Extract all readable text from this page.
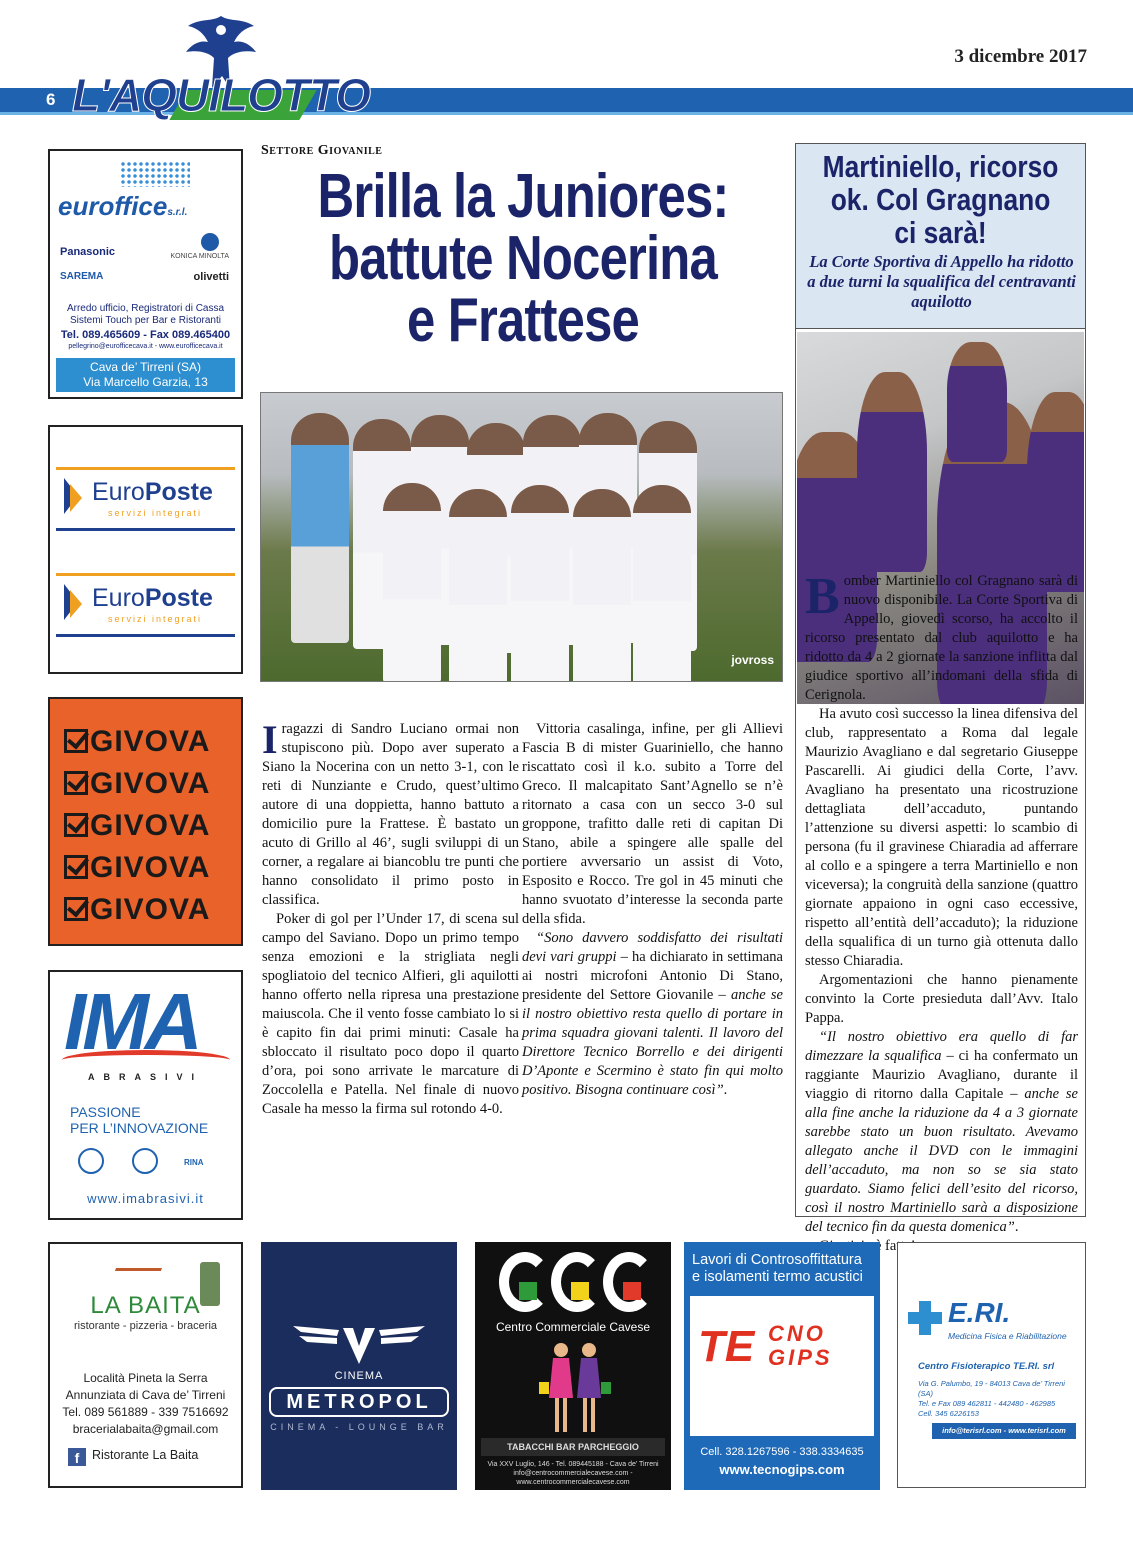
L'AQUILOTTO
6
3 dicembre 2017
euroffices.r.l.
Panasonic
SAREMA
KONICA MINOLTA
olivetti
Arredo ufficio, Registratori di Cassa
Sistemi Touch per Bar e Ristoranti
Tel. 089.465609 - Fax 089.465400
pellegrino@eurofficecava.it - www.eurofficecava.it
Cava de’ Tirreni (SA)
Via Marcello Garzia, 13
EuroPoste
servizi integrati
EuroPoste
servizi integrati
GIVOVA
GIVOVA
GIVOVA
GIVOVA
GIVOVA
IMA
ABRASIVI
PASSIONE
PER L’INNOVAZIONE
RINA
www.imabrasivi.it
Settore Giovanile
Brilla la Juniores:
battute Nocerina
e Frattese
jovross

Iragazzi di Sandro Luciano ormai non stupiscono più. Dopo aver superato a Siano la Nocerina con un netto 3-1, con le reti di Nunziante e Crudo, quest’ultimo autore di una doppietta, hanno battuto a domicilio pure la Frattese. È bastato un acuto di Grillo al 46’, sugli sviluppi di un corner, a regalare ai biancoblu tre punti che hanno consolidato il primo posto in classifica.

Poker di gol per l’Under 17, di scena sul campo del Saviano. Dopo un primo tempo senza emozioni e la strigliata negli spogliatoio del tecnico Alfieri, gli aquilotti hanno offerto nella ripresa una prestazione maiuscola. Che il vento fosse cambiato lo si è capito fin dai primi minuti: Casale ha sbloccato il risultato poco dopo il quarto d’ora, poi sono arrivate le marcature di Zoccolella e Patella. Nel finale di nuovo Casale ha messo la firma sul rotondo 4-0.

Vittoria casalinga, infine, per gli Allievi Fascia B di mister Guariniello, che hanno riscattato così il k.o. subito a Torre del Greco. Il malcapitato Sant’Agnello se n’è ritornato a casa con un secco 3-0 sul groppone, trafitto dalle reti di capitan Di Stano, abile a spingere alle spalle del portiere avversario un assist di Voto, Esposito e Rocco. Tre gol in 45 minuti che hanno svuotato d’interesse la seconda parte della sfida.

“Sono davvero soddisfatto dei risultati devi vari gruppi – ha dichiarato in settimana ai nostri microfoni Antonio Di Stano, presidente del Settore Giovanile – anche se il nostro obiettivo resta quello di portare in prima squadra giovani talenti. Il lavoro del Direttore Tecnico Borrello e dei dirigenti D’Aponte e Scermino è stato fin qui molto positivo. Bisogna continuare così”.

Martiniello, ricorso
ok. Col Gragnano
ci sarà!
La Corte Sportiva di Appello ha ridotto a due turni la squalifica del centravanti aquilotto

Bomber Martiniello col Gragnano sarà di nuovo disponibile. La Corte Sportiva di Appello, giovedì scorso, ha accolto il ricorso presentato dal club aquilotto e ha ridotto da 4 a 2 giornate la sanzione inflitta dal giudice sportivo all’indomani della sfida di Cerignola.

Ha avuto così successo la linea difensiva del club, rappresentato a Roma dal legale Maurizio Avagliano e dal segretario Giuseppe Pascarelli. Ai giudici della Corte, l’avv. Avagliano ha presentato una ricostruzione dettagliata dell’accaduto, puntando l’attenzione su diversi aspetti: lo scambio di persona (fu il gravinese Chiaradia ad afferrare al collo e a spingere a terra Martiniello e non viceversa); la congruità della sanzione (quattro giornate appaiono in ogni caso eccessive, rispetto all’entità dell’accaduto); la riduzione della squalifica di un turno già ottenuta dallo stesso Chiaradia.

Argomentazioni che hanno pienamente convinto la Corte presieduta dall’Avv. Italo Pappa.

“Il nostro obiettivo era quello di far dimezzare la squalifica – ci ha confermato un raggiante Maurizio Avagliano, durante il viaggio di ritorno dalla Capitale – anche se alla fine anche la riduzione da 4 a 3 giornate sarebbe stato un buon risultato. Avevamo allegato anche il DVD con le immagini dell’accaduto, ma non so se sia stato guardato. Siamo felici dell’esito del ricorso, così il nostro Martiniello sarà a disposizione del tecnico fin da questa domenica”.

LA BAITA
ristorante - pizzeria - braceria
Località Pineta la Serra
Annunziata di Cava de’ Tirreni
Tel. 089 561889 - 339 7516692
bracerialabaita@gmail.com
f Ristorante La Baita
CINEMA
METROPOL
CINEMA - LOUNGE BAR
Centro Commerciale Cavese
TABACCHI BAR PARCHEGGIO
Via XXV Luglio, 146 - Tel. 089445188 - Cava de’ Tirreni
info@centrocommercialecavese.com - www.centrocommercialecavese.com
Lavori di Controsoffittatura
e isolamenti termo acustici
TE CNO
GIPS
Cell. 328.1267596 - 338.3334635
www.tecnogips.com
E.RI.
Medicina Fisica e Riabilitazione
Centro Fisioterapico TE.RI. srl
Via G. Palumbo, 19 - 84013 Cava de’ Tirreni (SA)
Tel. e Fax 089 462811 - 442480 - 462985
Cell. 345 6226153
info@terisrl.com - www.terisrl.com
